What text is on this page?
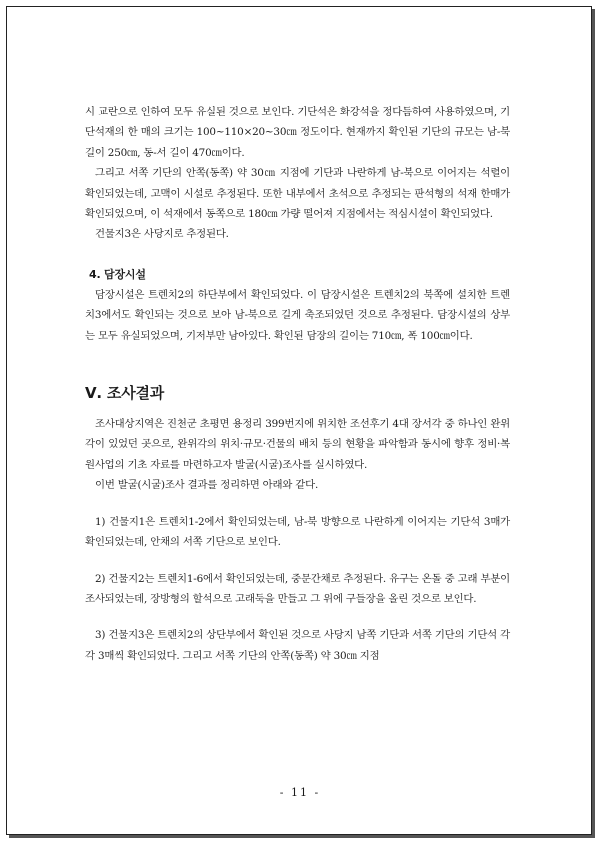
시 교란으로 인하여 모두 유실된 것으로 보인다. 기단석은 화강석을 정다듬하여 사용하였으며, 기단석재의 한 매의 크기는 100~110×20~30㎝ 정도이다. 현재까지 확인된 기단의 규모는 남-북 길이 250㎝, 동-서 길이 470㎝이다.

그리고 서쪽 기단의 안쪽(동쪽) 약 30㎝ 지점에 기단과 나란하게 남-북으로 이어지는 석렬이 확인되었는데, 고맥이 시설로 추정된다. 또한 내부에서 초석으로 추정되는 판석형의 석재 한매가 확인되었으며, 이 석재에서 동쪽으로 180㎝ 가량 떨어져 지점에서는 적심시설이 확인되었다.

건물지3은 사당지로 추정된다.

4. 담장시설

담장시설은 트렌치2의 하단부에서 확인되었다. 이 담장시설은 트렌치2의 북쪽에 설치한 트렌치3에서도 확인되는 것으로 보아 남-북으로 길게 축조되었던 것으로 추정된다. 담장시설의 상부는 모두 유실되었으며, 기저부만 남아있다. 확인된 담장의 길이는 710㎝, 폭 100㎝이다.

Ⅴ. 조사결과

조사대상지역은 진천군 초평면 용정리 399번지에 위치한 조선후기 4대 장서각 중 하나인 완위각이 있었던 곳으로, 완위각의 위치·규모·건물의 배치 등의 현황을 파악함과 동시에 향후 정비·복원사업의 기초 자료를 마련하고자 발굴(시굴)조사를 실시하였다.

이번 발굴(시굴)조사 결과를 정리하면 아래와 같다.

1) 건물지1은 트렌치1-2에서 확인되었는데, 남-북 방향으로 나란하게 이어지는 기단석 3매가 확인되었는데, 안채의 서쪽 기단으로 보인다.

2) 건물지2는 트렌치1-6에서 확인되었는데, 중문간채로 추정된다. 유구는 온돌 중 고래 부분이 조사되었는데, 장방형의 할석으로 고래둑을 만들고 그 위에 구들장을 올린 것으로 보인다.

3) 건물지3은 트렌치2의 상단부에서 확인된 것으로 사당지 남쪽 기단과 서쪽 기단의 기단석 각각 3매씩 확인되었다. 그리고 서쪽 기단의 안쪽(동쪽) 약 30㎝ 지점

- 11 -
